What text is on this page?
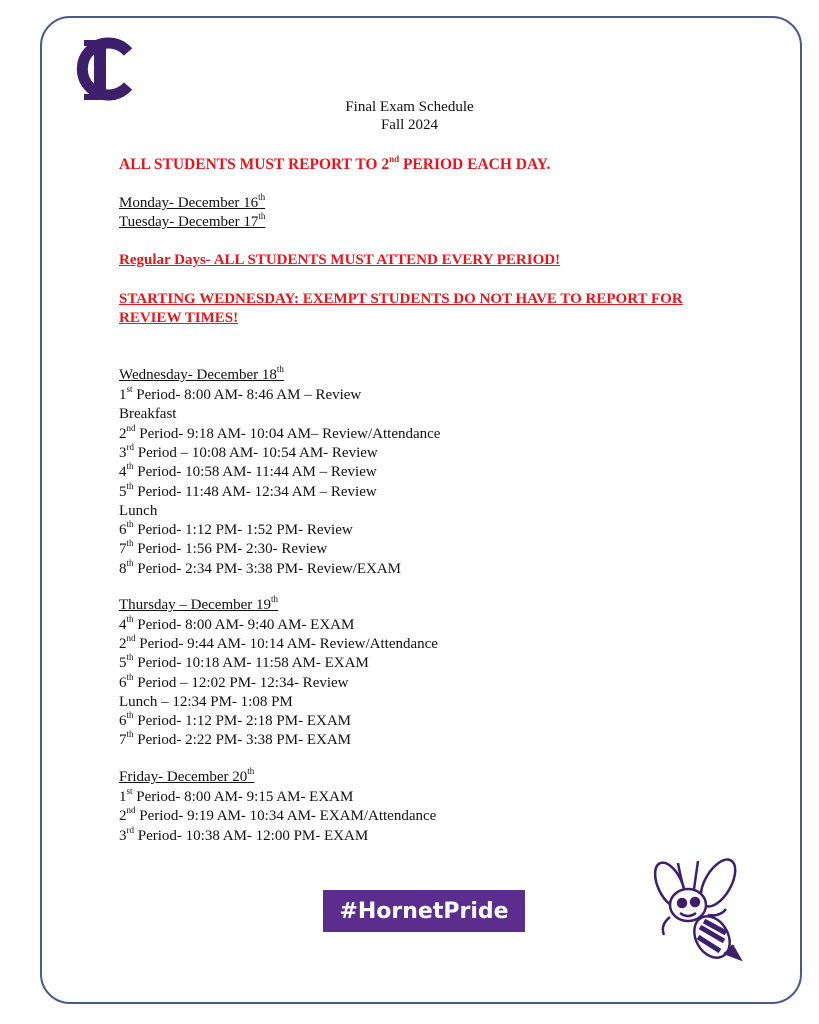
Final Exam Schedule
Fall 2024
ALL STUDENTS MUST REPORT TO 2nd PERIOD EACH DAY.
Monday- December 16th
Tuesday- December 17th
Regular Days- ALL STUDENTS MUST ATTEND EVERY PERIOD!
STARTING WEDNESDAY: EXEMPT STUDENTS DO NOT HAVE TO REPORT FOR
REVIEW TIMES!
Wednesday- December 18th
1st Period- 8:00 AM- 8:46 AM – Review
Breakfast
2nd Period- 9:18 AM- 10:04 AM– Review/Attendance
3rd Period – 10:08 AM- 10:54 AM- Review
4th Period- 10:58 AM- 11:44 AM – Review
5th Period- 11:48 AM- 12:34 AM – Review
Lunch
6th Period- 1:12 PM- 1:52 PM- Review
7th Period- 1:56 PM- 2:30- Review
8th Period- 2:34 PM- 3:38 PM- Review/EXAM
Thursday – December 19th
4th Period- 8:00 AM- 9:40 AM- EXAM
2nd Period- 9:44 AM- 10:14 AM- Review/Attendance
5th Period- 10:18 AM- 11:58 AM- EXAM
6th Period – 12:02 PM- 12:34- Review
Lunch – 12:34 PM- 1:08 PM
6th Period- 1:12 PM- 2:18 PM- EXAM
7th Period- 2:22 PM- 3:38 PM- EXAM
Friday- December 20th
1st Period- 8:00 AM- 9:15 AM- EXAM
2nd Period- 9:19 AM- 10:34 AM- EXAM/Attendance
3rd Period- 10:38 AM- 12:00 PM- EXAM
#HornetPride
